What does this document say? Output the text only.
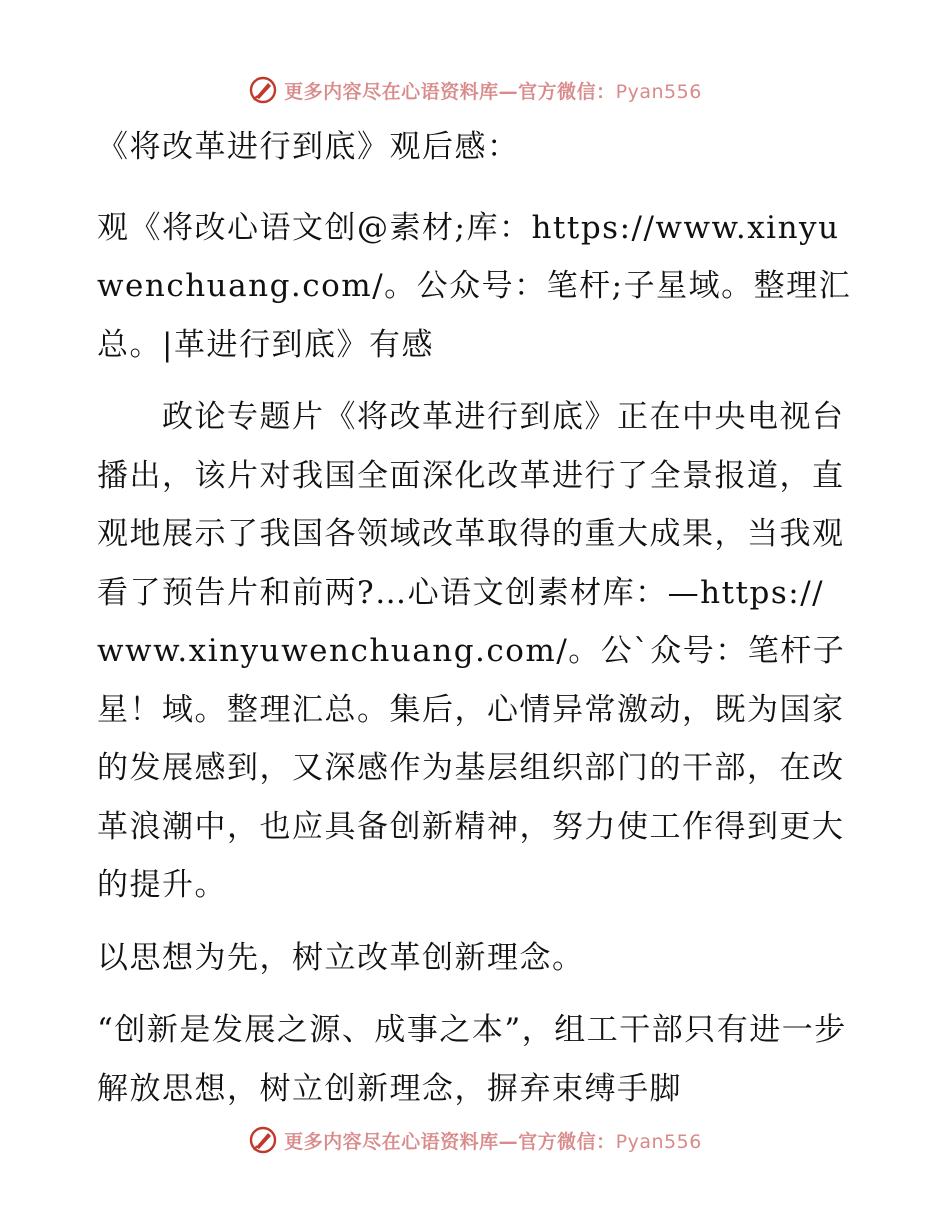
更多内容尽在心语资料库—官方微信：Pyan556

《将改革进行到底》观后感：

观《将改心语文创@素材;库：https://www.xinyuwenchuang.com/。公众号：笔杆;子星域。整理汇总。|革进行到底》有感

　　政论专题片《将改革进行到底》正在中央电视台播出，该片对我国全面深化改革进行了全景报道，直观地展示了我国各领域改革取得的重大成果，当我观看了预告片和前两?…心语文创素材库：—https://www.xinyuwenchuang.com/。公`众号：笔杆子星！域。整理汇总。集后，心情异常激动，既为国家的发展感到，又深感作为基层组织部门的干部，在改革浪潮中，也应具备创新精神，努力使工作得到更大的提升。

以思想为先，树立改革创新理念。

“创新是发展之源、成事之本”，组工干部只有进一步解放思想，树立创新理念，摒弃束缚手脚

更多内容尽在心语资料库—官方微信：Pyan556
